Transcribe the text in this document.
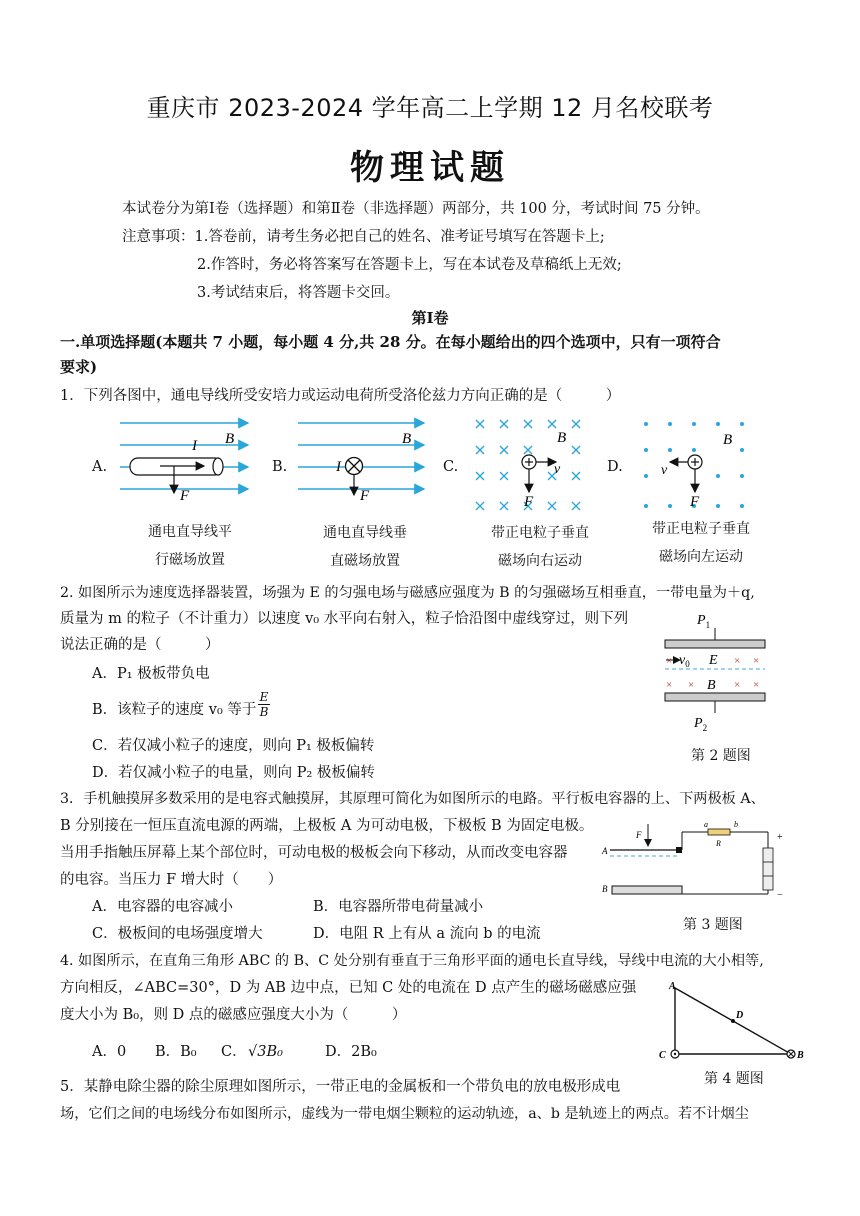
重庆市 2023-2024 学年高二上学期 12 月名校联考
物理试题
本试卷分为第Ⅰ卷（选择题）和第Ⅱ卷（非选择题）两部分，共 100 分，考试时间 75 分钟。
注意事项：1.答卷前，请考生务必把自己的姓名、准考证号填写在答题卡上;
2.作答时，务必将答案写在答题卡上，写在本试卷及草稿纸上无效;
3.考试结束后，将答题卡交回。
第Ⅰ卷
一.单项选择题(本题共 7 小题，每小题 4 分,共 28 分。在每小题给出的四个选项中，只有一项符合
要求)
1．下列各图中，通电导线所受安培力或运动电荷所受洛伦兹力方向正确的是（　　　）
A.	B.	C.	D.
I B
F
I
B
F
B
v
F
B
v
F
通电直导线平
行磁场放置
通电直导线垂
直磁场放置
带正电粒子垂直
磁场向右运动
带正电粒子垂直
磁场向左运动
2. 如图所示为速度选择器装置，场强为 E 的匀强电场与磁感应强度为 B 的匀强磁场互相垂直，一带电量为＋q,
质量为 m 的粒子（不计重力）以速度 v₀ 水平向右射入，粒子恰沿图中虚线穿过，则下列
说法正确的是（　　　）
A．P₁ 极板带负电
B．该粒子的速度 v₀ 等于
E
B
C．若仅减小粒子的速度，则向 P₁ 极板偏转
D．若仅减小粒子的电量，则向 P₂ 极板偏转
×	× ×
× ×	× ×
$P_1$
$v_0$ E
B
$P_2$
第 2 题图
3．手机触摸屏多数采用的是电容式触摸屏，其原理可简化为如图所示的电路。平行板电容器的上、下两极板 A、
B 分别接在一恒压直流电源的两端，上极板 A 为可动电极，下极板 B 为固定电极。
当用手指触压屏幕上某个部位时，可动电极的极板会向下移动，从而改变电容器
的电容。当压力 F 增大时（　　）
A．电容器的电容减小	B．电容器所带电荷量减小
C．极板间的电场强度增大	D．电阻 R 上有从 a 流向 b 的电流
F
A
B
a	b
R
+
−
第 3 题图
4. 如图所示，在直角三角形 ABC 的 B、C 处分别有垂直于三角形平面的通电长直导线，导线中电流的大小相等,
方向相反，∠ABC=30°，D 为 AB 边中点，已知 C 处的电流在 D 点产生的磁场磁感应强
度大小为 B₀，则 D 点的磁感应强度大小为（　　　）
A．0 B．B₀ C． √3B₀	D．2B₀
A
C	B
D
第 4 题图
5．某静电除尘器的除尘原理如图所示，一带正电的金属板和一个带负电的放电极形成电
场，它们之间的电场线分布如图所示，虚线为一带电烟尘颗粒的运动轨迹，a、b 是轨迹上的两点。若不计烟尘
